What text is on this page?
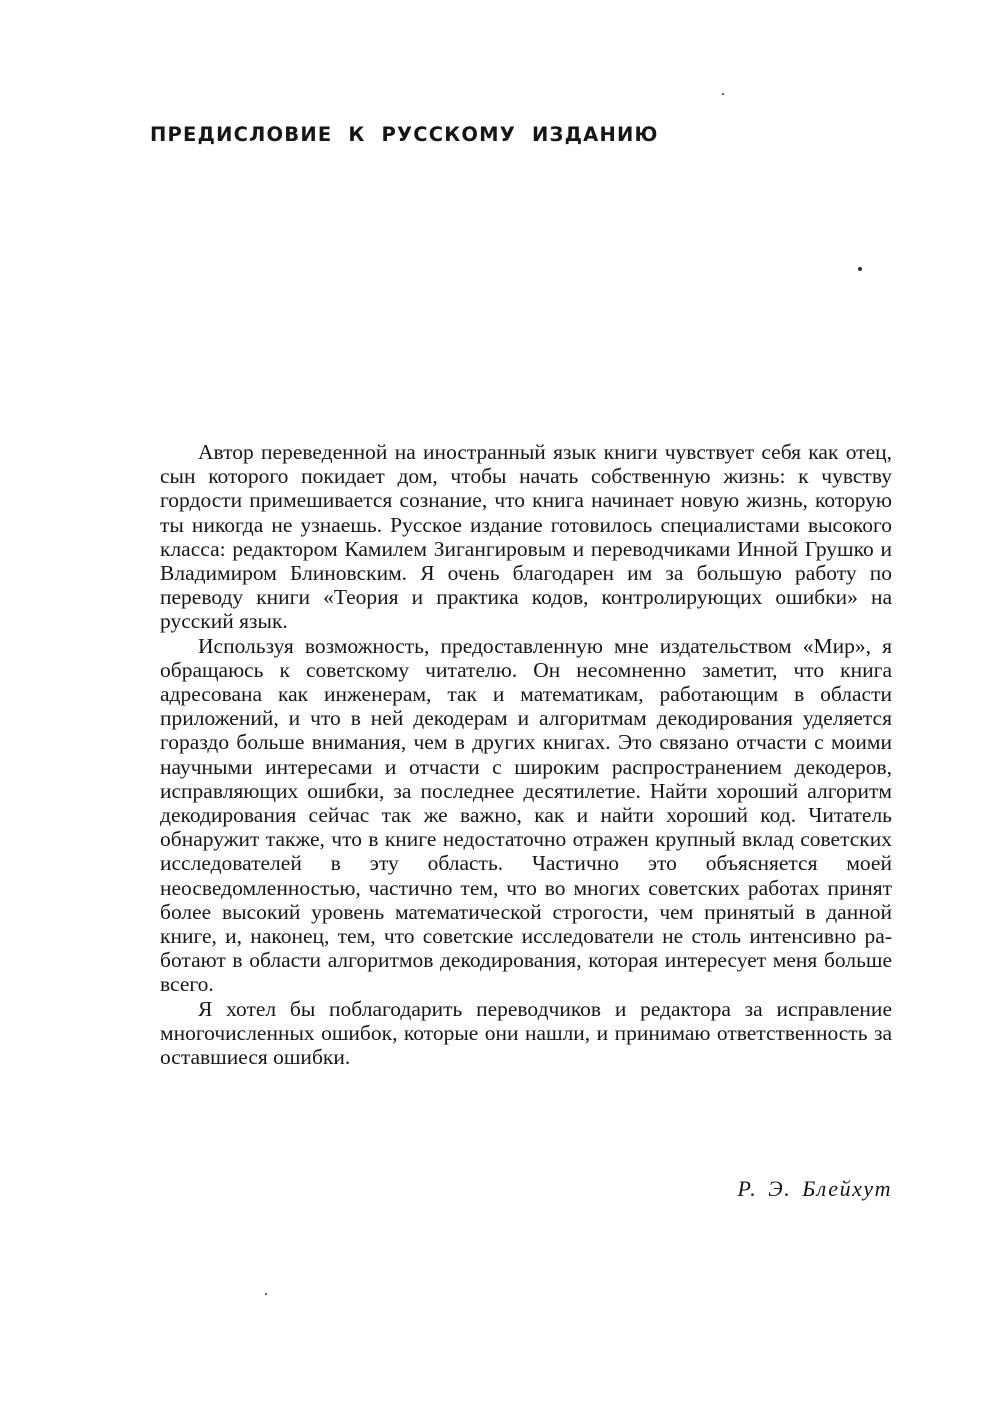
ПРЕДИСЛОВИЕ К РУССКОМУ ИЗДАНИЮ

Автор переведенной на иностранный язык книги чувствует себя как отец, сын которого покидает дом, чтобы начать собственную жизнь: к чувству гордости примешивается сознание, что книга начинает новую жизнь, которую ты никогда не узнаешь. Русское издание готовилось специалистами высокого класса: редактором Камилем Зигангировым и переводчиками Инной Грушко и Владимиром Блиновским. Я очень благодарен им за большую работу по переводу книги «Теория и практика кодов, контролирующих ошибки» на русский язык.

Используя возможность, предоставленную мне издательством «Мир», я обращаюсь к советскому читателю. Он несомненно заметит, что книга адресована как инженерам, так и математикам, работающим в области приложений, и что в ней декодерам и алгоритмам декодирования уделяется гораздо больше внимания, чем в других книгах. Это связано отчасти с моими научными интересами и отчасти с широким распространением декодеров, исправляющих ошибки, за последнее десятилетие. Найти хороший алгоритм декодирования сейчас так же важно, как и найти хороший код. Читатель обнаружит также, что в книге недостаточно отражен крупный вклад советских исследователей в эту область. Частично это объясняется моей неосведомленностью, частично тем, что во многих советских работах принят более высокий уровень математической строгости, чем принятый в данной книге, и, наконец, тем, что советские исследователи не столь интенсивно работают в области алгоритмов декодирования, которая интересует меня больше всего.

Я хотел бы поблагодарить переводчиков и редактора за исправление многочисленных ошибок, которые они нашли, и принимаю ответственность за оставшиеся ошибки.

Р. Э. Блейхут
